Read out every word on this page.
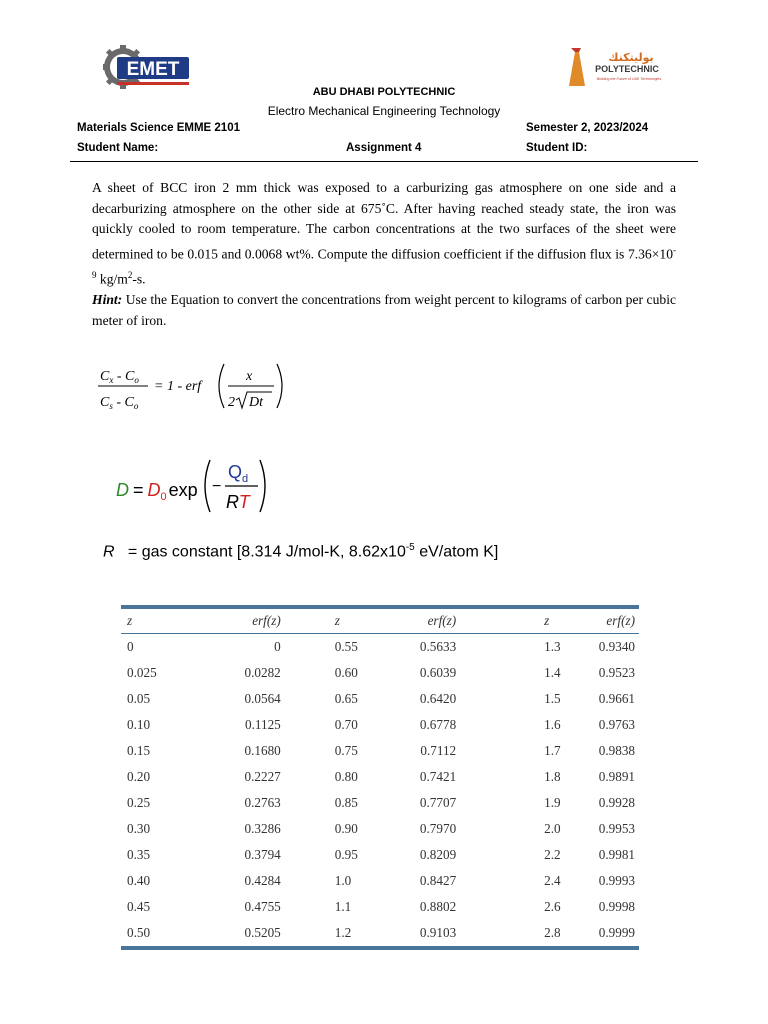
EMET
بوليتكنك
POLYTECHNIC
Building the Future of UAE Technologies
ABU DHABI POLYTECHNIC
Electro Mechanical Engineering Technology
Materials Science EMME 2101	Semester 2, 2023/2024
Student Name:	Assignment 4	Student ID:

A sheet of BCC iron 2 mm thick was exposed to a carburizing gas atmosphere on one side and a decarburizing atmosphere on the other side at 675˚C. After having reached steady state, the iron was quickly cooled to room temperature. The carbon concentrations at the two surfaces of the sheet were determined to be 0.015 and 0.0068 wt%. Compute the diffusion coefficient if the diffusion flux is $7.36\times 10^{-9}$ $kg/m^2-s$.

Hint: Use the Equation to convert the concentrations from weight percent to kilograms of carbon per cubic meter of iron.

$C_x - C_o$
$C_s - C_o$
= 1 - erf
x
2 Dt
$D = D_0$ exp −
$Q_d$
RT
R   = gas constant [8.314 J/mol-K, $8.62x10^{-5}$ eV/atom K]
z	erf(z)	z	erf(z)	z	erf(z)
0	0	0.55	0.5633	1.3	0.9340
0.025	0.0282	0.60	0.6039	1.4	0.9523
0.05	0.0564	0.65	0.6420	1.5	0.9661
0.10	0.1125	0.70	0.6778	1.6	0.9763
0.15	0.1680	0.75	0.7112	1.7	0.9838
0.20	0.2227	0.80	0.7421	1.8	0.9891
0.25	0.2763	0.85	0.7707	1.9	0.9928
0.30	0.3286	0.90	0.7970	2.0	0.9953
0.35	0.3794	0.95	0.8209	2.2	0.9981
0.40	0.4284	1.0	0.8427	2.4	0.9993
0.45	0.4755	1.1	0.8802	2.6	0.9998
0.50	0.5205	1.2	0.9103	2.8	0.9999
